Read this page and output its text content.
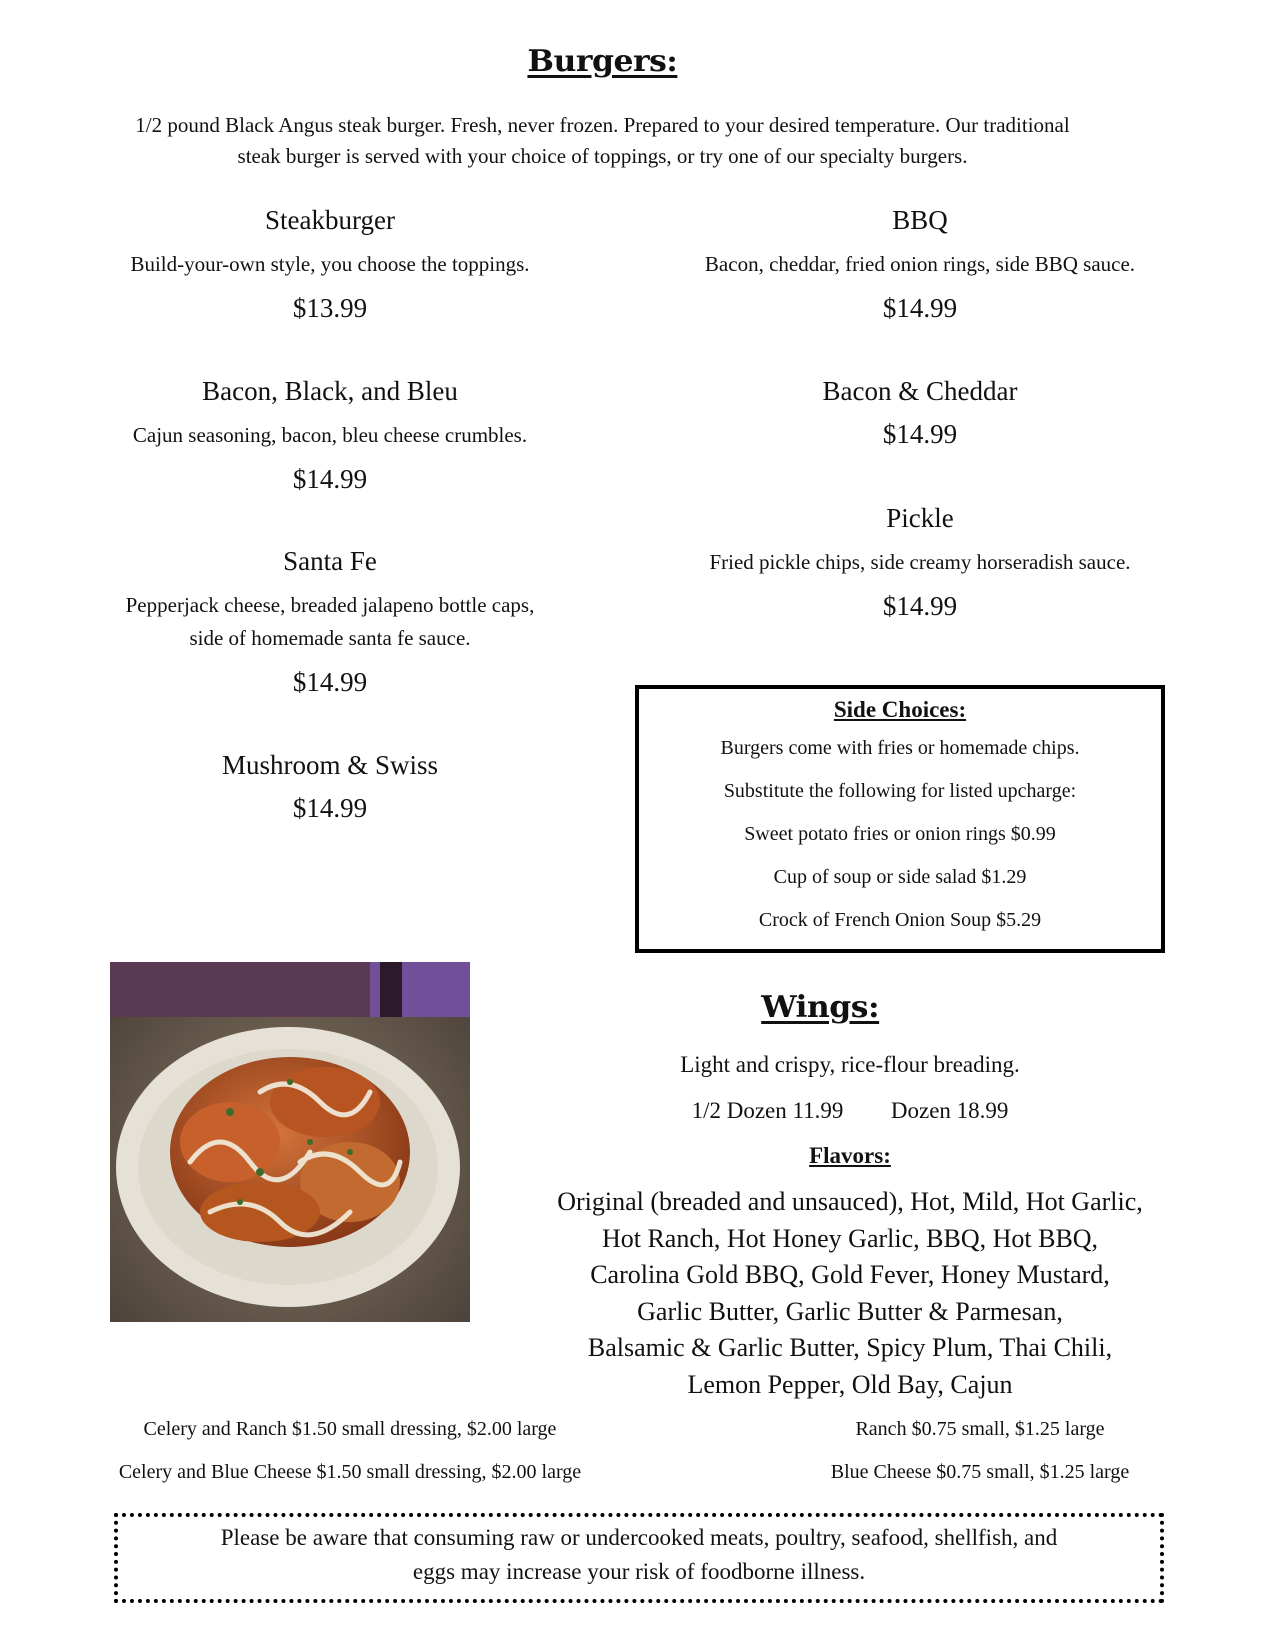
Burgers:
1/2 pound Black Angus steak burger. Fresh, never frozen. Prepared to your desired temperature. Our traditional
steak burger is served with your choice of toppings, or try one of our specialty burgers.
Steakburger
Build-your-own style, you choose the toppings.
$13.99
Bacon, Black, and Bleu
Cajun seasoning, bacon, bleu cheese crumbles.
$14.99
Santa Fe
Pepperjack cheese, breaded jalapeno bottle caps,
side of homemade santa fe sauce.
$14.99
Mushroom & Swiss
$14.99
BBQ
Bacon, cheddar, fried onion rings, side BBQ sauce.
$14.99
Bacon & Cheddar
$14.99
Pickle
Fried pickle chips, side creamy horseradish sauce.
$14.99
Side Choices:
Burgers come with fries or homemade chips.
Substitute the following for listed upcharge:
Sweet potato fries or onion rings $0.99
Cup of soup or side salad $1.29
Crock of French Onion Soup $5.29
Wings:
Light and crispy, rice-flour breading.
1/2 Dozen 11.99 Dozen 18.99
Flavors:
Original (breaded and unsauced), Hot, Mild, Hot Garlic,
Hot Ranch, Hot Honey Garlic, BBQ, Hot BBQ,
Carolina Gold BBQ, Gold Fever, Honey Mustard,
Garlic Butter, Garlic Butter & Parmesan,
Balsamic & Garlic Butter, Spicy Plum, Thai Chili,
Lemon Pepper, Old Bay, Cajun
Celery and Ranch $1.50 small dressing, $2.00 large
Celery and Blue Cheese $1.50 small dressing, $2.00 large
Ranch $0.75 small, $1.25 large
Blue Cheese $0.75 small, $1.25 large
Please be aware that consuming raw or undercooked meats, poultry, seafood, shellfish, and
eggs may increase your risk of foodborne illness.
